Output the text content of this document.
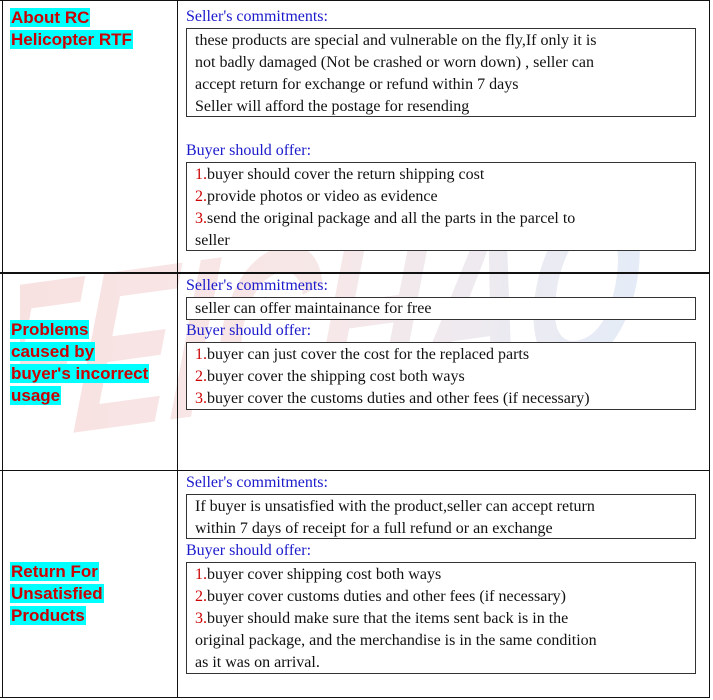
About RC
Helicopter RTF
Seller's commitments:
these products are special and vulnerable on the fly,If only it is
not badly damaged (Not be crashed or worn down) , seller can
accept return for exchange or refund within 7 days
Seller will afford the postage for resending
Buyer should offer:
1.buyer should cover the return shipping cost
2.provide photos or video as evidence
3.send the original package and all the parts in the parcel to
seller
Problems
caused by
buyer's incorrect
usage
Seller's commitments:
seller can offer maintainance for free
Buyer should offer:
1.buyer can just cover the cost for the replaced parts
2.buyer cover the shipping cost both ways
3.buyer cover the customs duties and other fees (if necessary)
Return For
Unsatisfied
Products
Seller's commitments:
If buyer is unsatisfied with the product,seller can accept return
within 7 days of receipt for a full refund or an exchange
Buyer should offer:
1.buyer cover shipping cost both ways
2.buyer cover customs duties and other fees (if necessary)
3.buyer should make sure that the items sent back is in the
original package, and the merchandise is in the same condition
as it was on arrival.
